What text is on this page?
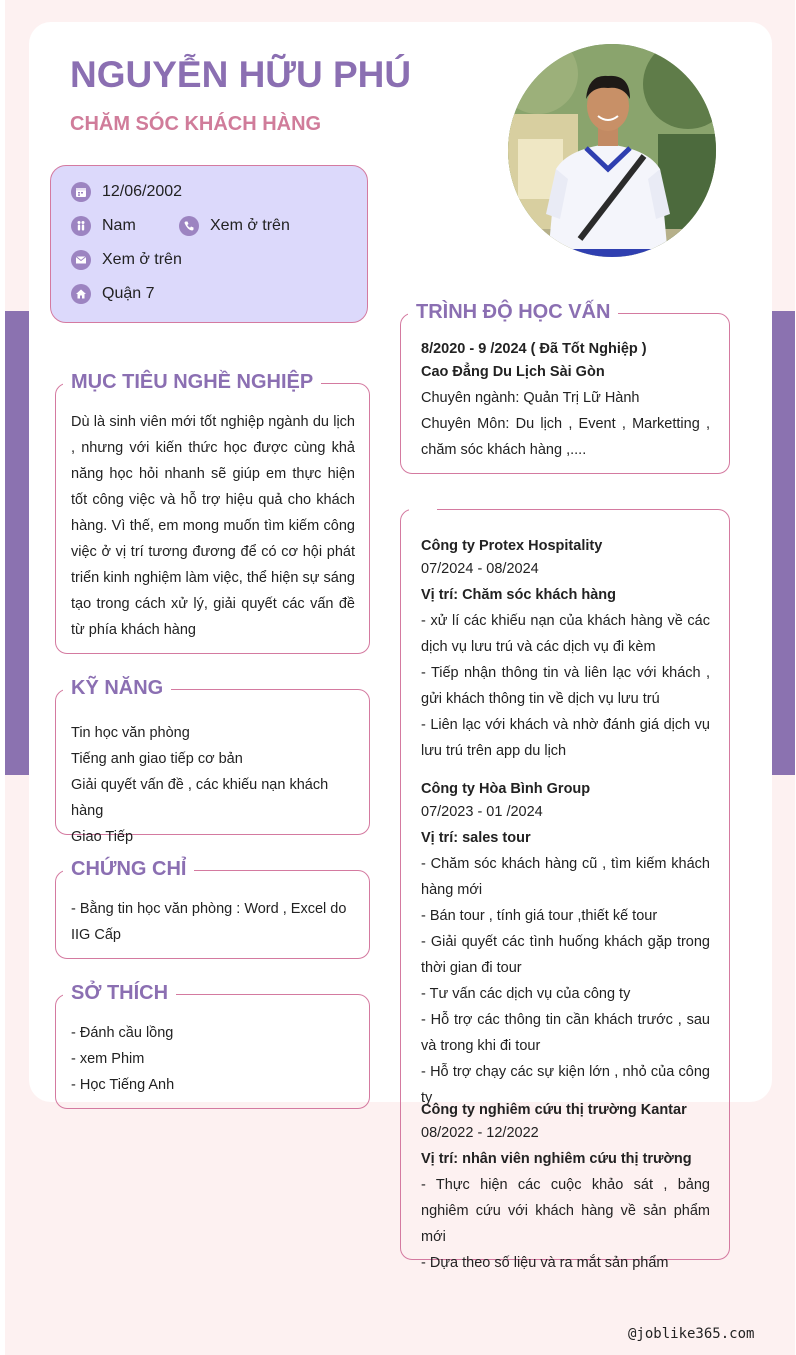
NGUYỄN HỮU PHÚ
CHĂM SÓC KHÁCH HÀNG
12/06/2002
Nam	Xem ở trên
Xem ở trên
Quận 7
MỤC TIÊU NGHỀ NGHIỆP

Dù là sinh viên mới tốt nghiệp ngành du lịch , nhưng với kiến thức học được cùng khả năng học hỏi nhanh sẽ giúp em thực hiện tốt công việc và hỗ trợ hiệu quả cho khách hàng. Vì thế, em mong muốn tìm kiếm công việc ở vị trí tương đương để có cơ hội phát triển kinh nghiệm làm việc, thể hiện sự sáng tạo trong cách xử lý, giải quyết các vấn đề từ phía khách hàng

KỸ NĂNG
Tin học văn phòng
Tiếng anh giao tiếp cơ bản
Giải quyết vấn đề , các khiếu nạn khách hàng
Giao Tiếp
CHỨNG CHỈ

- Bằng tin học văn phòng : Word , Excel do IIG Cấp

SỞ THÍCH
- Đánh cầu lồng
- xem Phim
- Học Tiếng Anh
TRÌNH ĐỘ HỌC VẤN
8/2020 - 9 /2024 ( Đã Tốt Nghiệp )
Cao Đẳng Du Lịch Sài Gòn
Chuyên ngành: Quản Trị Lữ Hành
Chuyên Môn: Du lịch , Event , Marketting , chăm sóc khách hàng ,....
Công ty Protex Hospitality
07/2024 - 08/2024
Vị trí: Chăm sóc khách hàng
- xử lí các khiếu nạn của khách hàng về các dịch vụ lưu trú và các dịch vụ đi kèm
- Tiếp nhận thông tin và liên lạc với khách , gửi khách thông tin về dịch vụ lưu trú
- Liên lạc với khách và nhờ đánh giá dịch vụ lưu trú trên app du lịch
Công ty Hòa Bình Group
07/2023 - 01 /2024
Vị trí: sales tour
- Chăm sóc khách hàng cũ , tìm kiếm khách hàng mới
- Bán tour , tính giá tour ,thiết kế tour
- Giải quyết các tình huống khách gặp trong thời gian đi tour
- Tư vấn các dịch vụ của công ty
- Hỗ trợ các thông tin cần khách trước , sau và trong khi đi tour
- Hỗ trợ chạy các sự kiện lớn , nhỏ của công ty
Công ty nghiêm cứu thị trường Kantar
08/2022 - 12/2022
Vị trí: nhân viên nghiêm cứu thị trường
- Thực hiện các cuộc khảo sát , bảng nghiêm cứu với khách hàng về sản phẩm mới
- Dựa theo số liệu và ra mắt sản phẩm
@joblike365.com
